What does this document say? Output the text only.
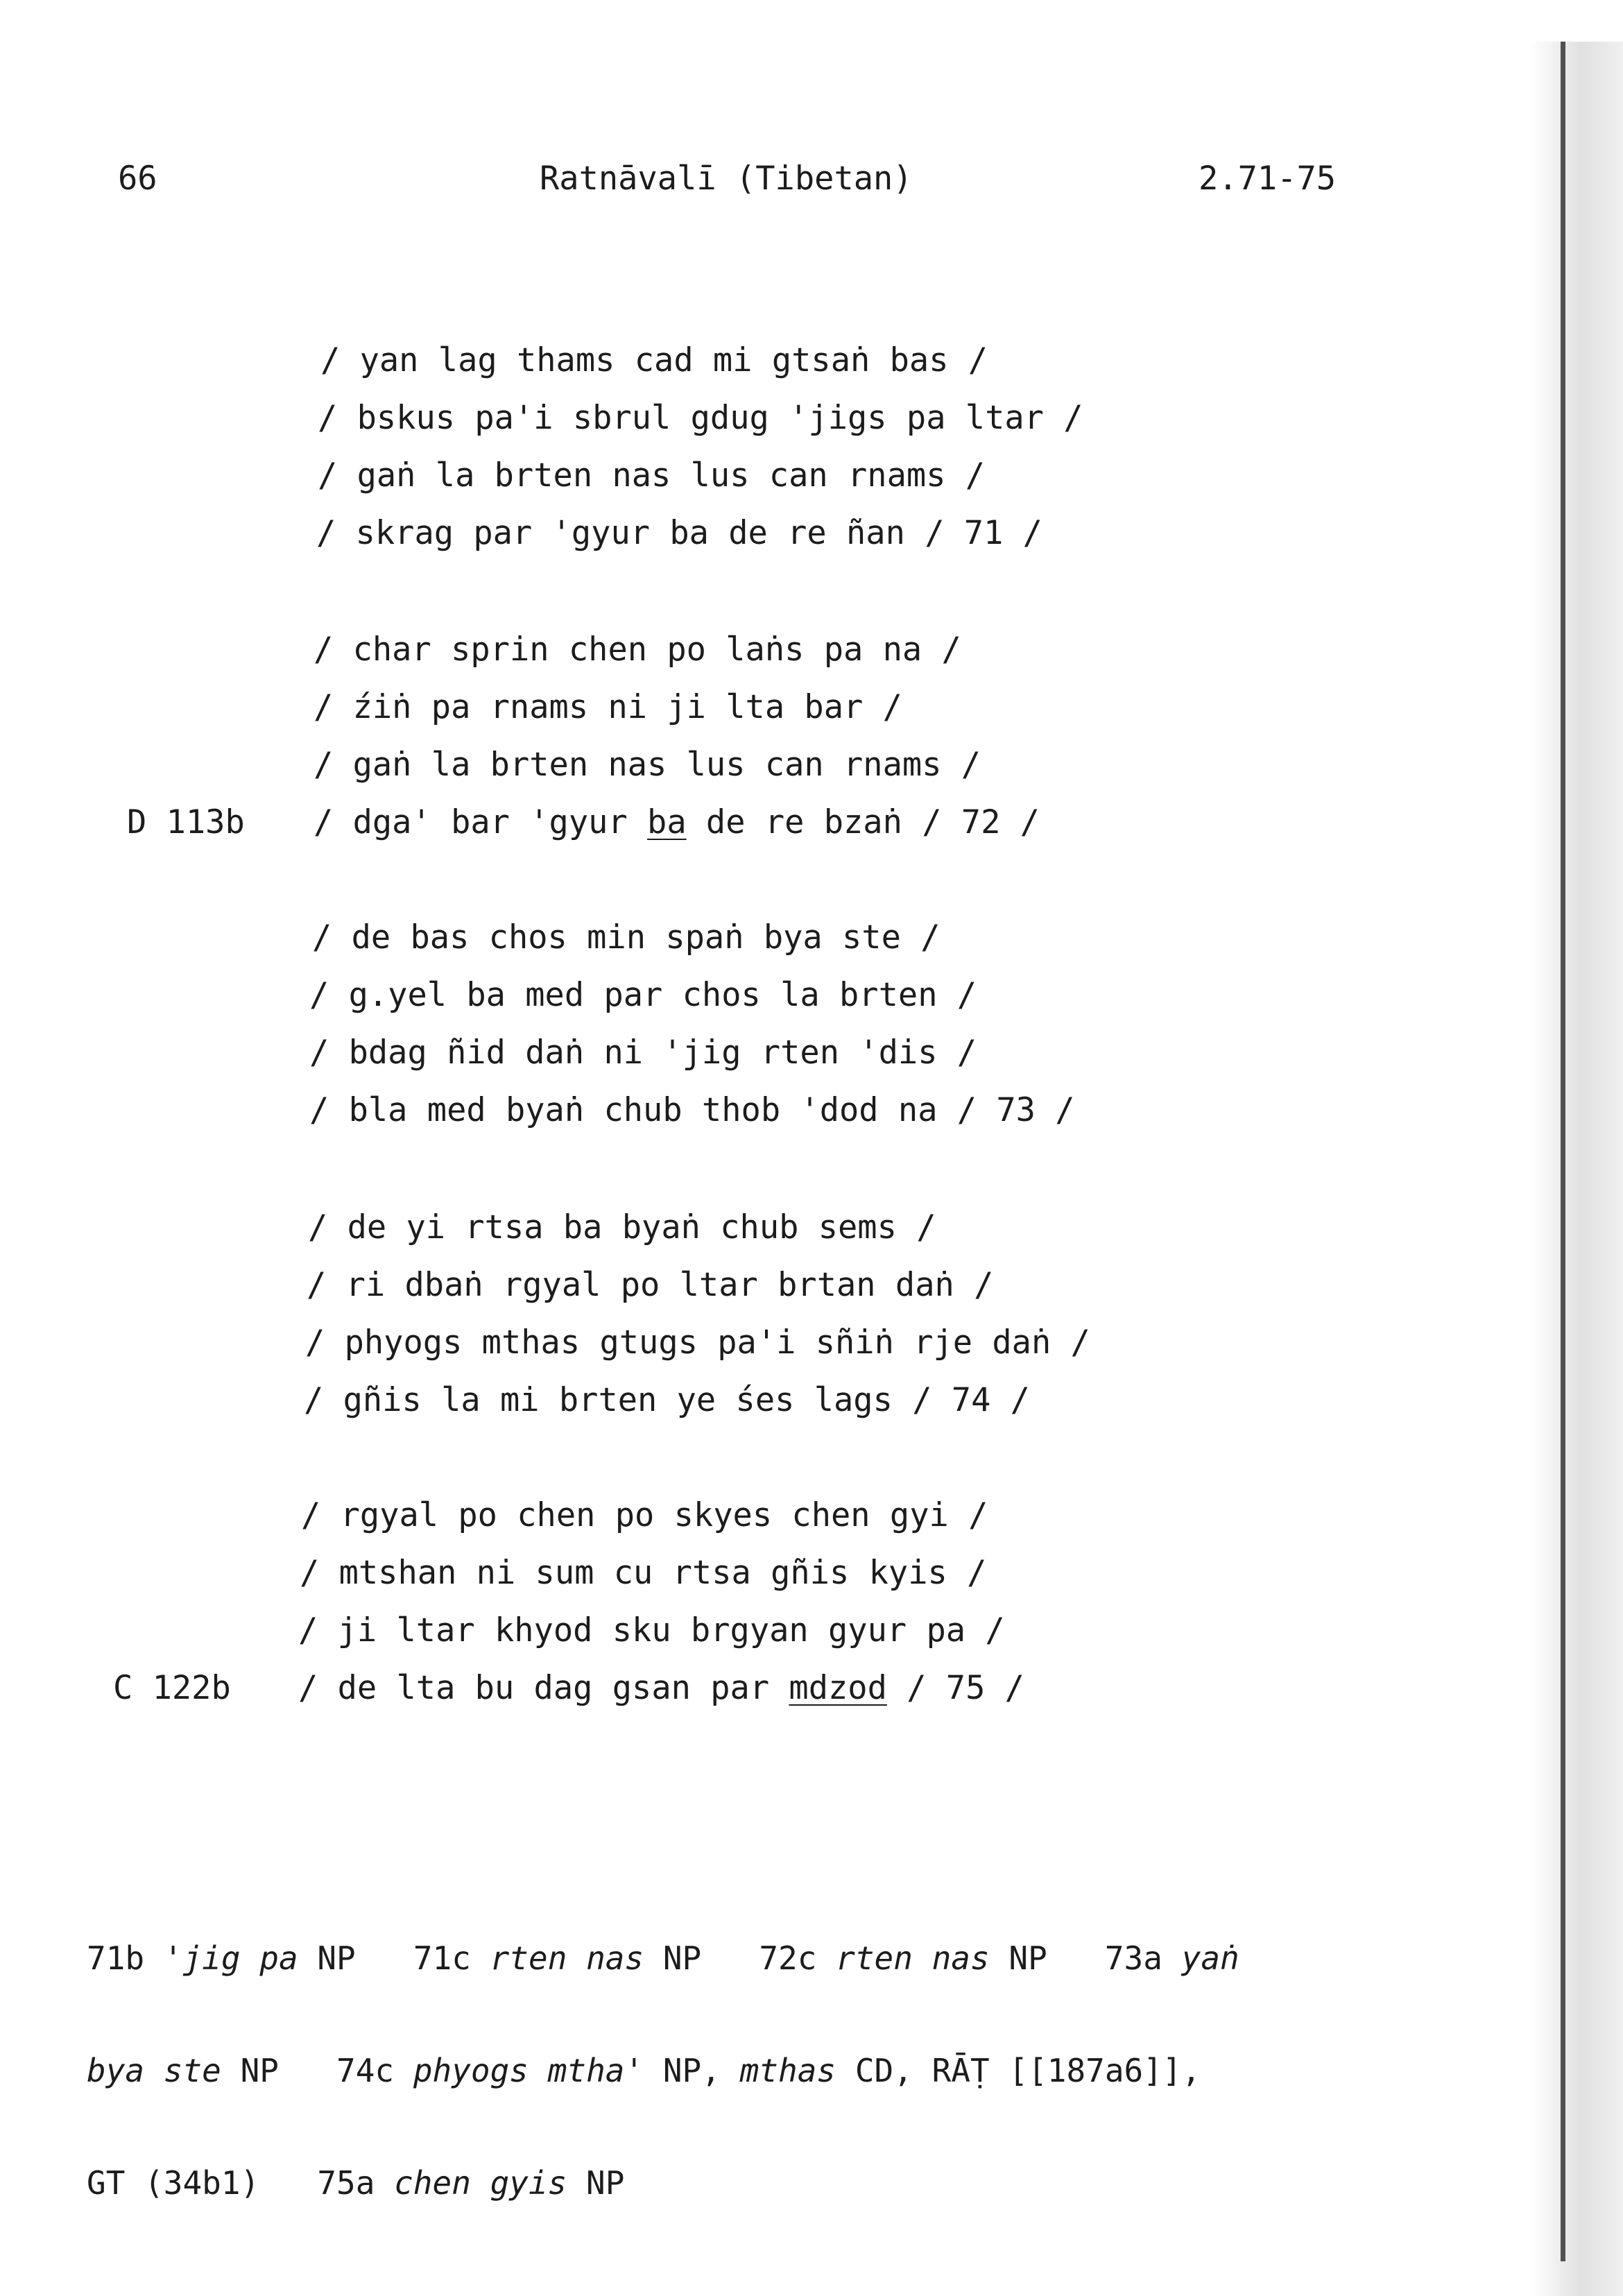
66	Ratnāvalī (Tibetan)	2.71-75
/ yan lag thams cad mi gtsaṅ bas /
/ bskus pa'i sbrul gdug 'jigs pa ltar /
/ gaṅ la brten nas lus can rnams /
/ skrag par 'gyur ba de re ñan / 71 /
/ char sprin chen po laṅs pa na /
/ źiṅ pa rnams ni ji lta bar /
/ gaṅ la brten nas lus can rnams /

D 113b

/ dga' bar 'gyur ba de re bzaṅ / 72 /

/ de bas chos min spaṅ bya ste /
/ g.yel ba med par chos la brten /
/ bdag ñid daṅ ni 'jig rten 'dis /
/ bla med byaṅ chub thob 'dod na / 73 /
/ de yi rtsa ba byaṅ chub sems /
/ ri dbaṅ rgyal po ltar brtan daṅ /
/ phyogs mthas gtugs pa'i sñiṅ rje daṅ /
/ gñis la mi brten ye śes lags / 74 /
/ rgyal po chen po skyes chen gyi /
/ mtshan ni sum cu rtsa gñis kyis /
/ ji ltar khyod sku brgyan gyur pa /

C 122b

/ de lta bu dag gsan par mdzod / 75 /

71b 'jig pa NP   71c rten nas NP   72c rten nas NP   73a yaṅ

bya ste NP   74c phyogs mtha' NP, mthas CD, RĀṬ [[187a6]],

GT (34b1)   75a chen gyis NP
